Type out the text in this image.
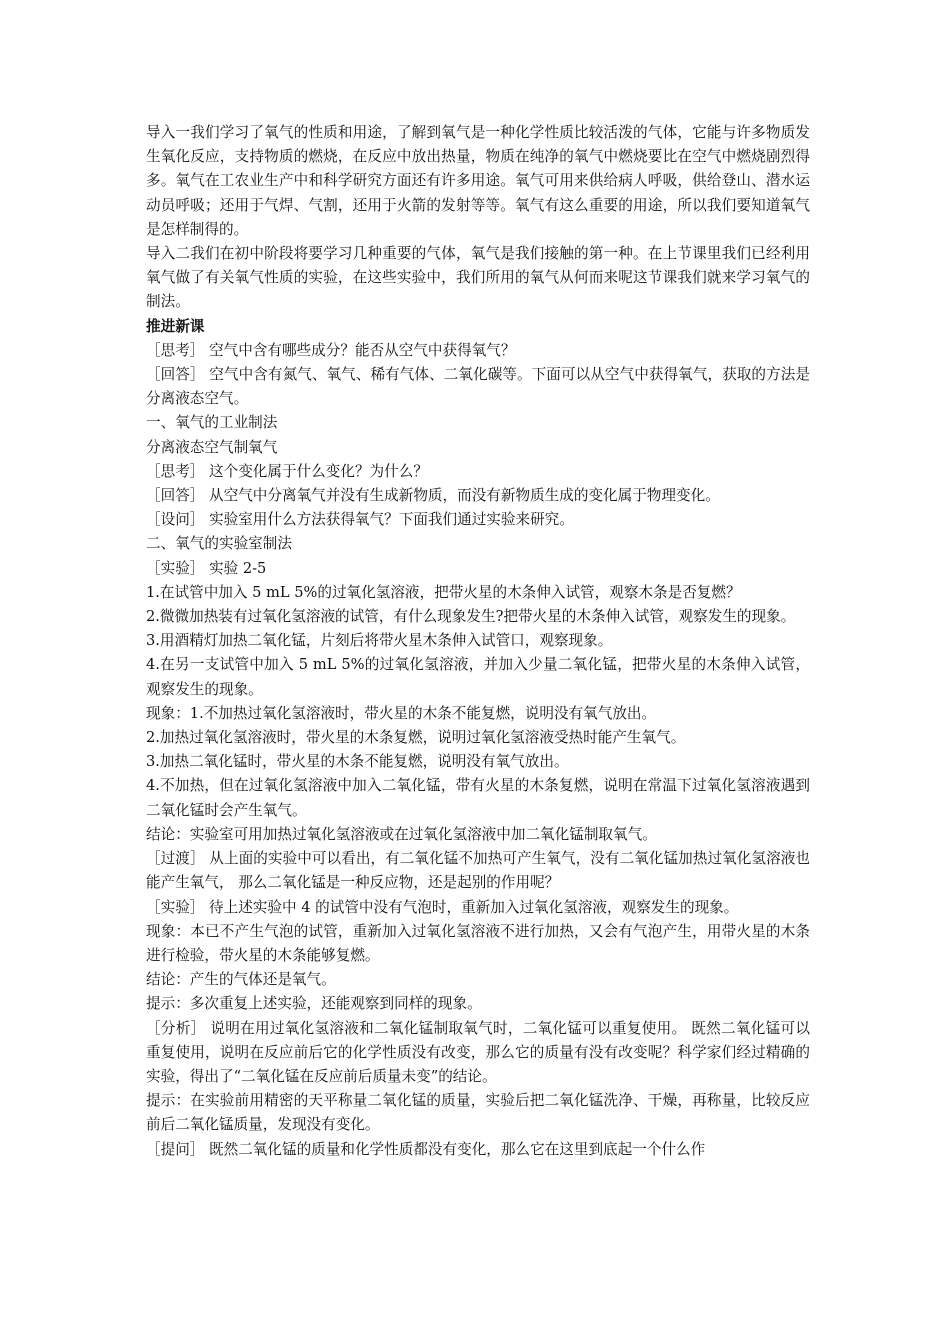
导入一我们学习了氧气的性质和用途，了解到氧气是一种化学性质比较活泼的气体，它能与许多物质发生氧化反应，支持物质的燃烧，在反应中放出热量，物质在纯净的氧气中燃烧要比在空气中燃烧剧烈得多。氧气在工农业生产中和科学研究方面还有许多用途。氧气可用来供给病人呼吸，供给登山、潜水运动员呼吸；还用于气焊、气割，还用于火箭的发射等等。氧气有这么重要的用途，所以我们要知道氧气是怎样制得的。

导入二我们在初中阶段将要学习几种重要的气体，氧气是我们接触的第一种。在上节课里我们已经利用氧气做了有关氧气性质的实验，在这些实验中，我们所用的氧气从何而来呢这节课我们就来学习氧气的制法。

推进新课

［思考］ 空气中含有哪些成分？能否从空气中获得氧气？

［回答］ 空气中含有氮气、氧气、稀有气体、二氧化碳等。下面可以从空气中获得氧气，获取的方法是分离液态空气。

一、氧气的工业制法

分离液态空气制氧气

［思考］ 这个变化属于什么变化？为什么？

［回答］ 从空气中分离氧气并没有生成新物质，而没有新物质生成的变化属于物理变化。

［设问］ 实验室用什么方法获得氧气？下面我们通过实验来研究。

二、氧气的实验室制法

［实验］ 实验 2-5

1.在试管中加入 5 mL 5%的过氧化氢溶液，把带火星的木条伸入试管，观察木条是否复燃？

2.微微加热装有过氧化氢溶液的试管，有什么现象发生?把带火星的木条伸入试管，观察发生的现象。

3.用酒精灯加热二氧化锰，片刻后将带火星木条伸入试管口，观察现象。

4.在另一支试管中加入 5 mL 5%的过氧化氢溶液，并加入少量二氧化锰，把带火星的木条伸入试管，观察发生的现象。

现象：1.不加热过氧化氢溶液时，带火星的木条不能复燃，说明没有氧气放出。

2.加热过氧化氢溶液时，带火星的木条复燃，说明过氧化氢溶液受热时能产生氧气。

3.加热二氧化锰时，带火星的木条不能复燃，说明没有氧气放出。

4.不加热，但在过氧化氢溶液中加入二氧化锰，带有火星的木条复燃，说明在常温下过氧化氢溶液遇到二氧化锰时会产生氧气。

结论：实验室可用加热过氧化氢溶液或在过氧化氢溶液中加二氧化锰制取氧气。

［过渡］ 从上面的实验中可以看出，有二氧化锰不加热可产生氧气，没有二氧化锰加热过氧化氢溶液也能产生氧气， 那么二氧化锰是一种反应物，还是起别的作用呢？

［实验］ 待上述实验中 4 的试管中没有气泡时，重新加入过氧化氢溶液，观察发生的现象。

现象：本已不产生气泡的试管，重新加入过氧化氢溶液不进行加热，又会有气泡产生，用带火星的木条进行检验，带火星的木条能够复燃。

结论：产生的气体还是氧气。

提示：多次重复上述实验，还能观察到同样的现象。

［分析］ 说明在用过氧化氢溶液和二氧化锰制取氧气时，二氧化锰可以重复使用。 既然二氧化锰可以重复使用，说明在反应前后它的化学性质没有改变，那么它的质量有没有改变呢？科学家们经过精确的实验，得出了“二氧化锰在反应前后质量未变”的结论。

提示：在实验前用精密的天平称量二氧化锰的质量，实验后把二氧化锰洗净、干燥，再称量，比较反应前后二氧化锰质量，发现没有变化。

［提问］ 既然二氧化锰的质量和化学性质都没有变化，那么它在这里到底起一个什么作
